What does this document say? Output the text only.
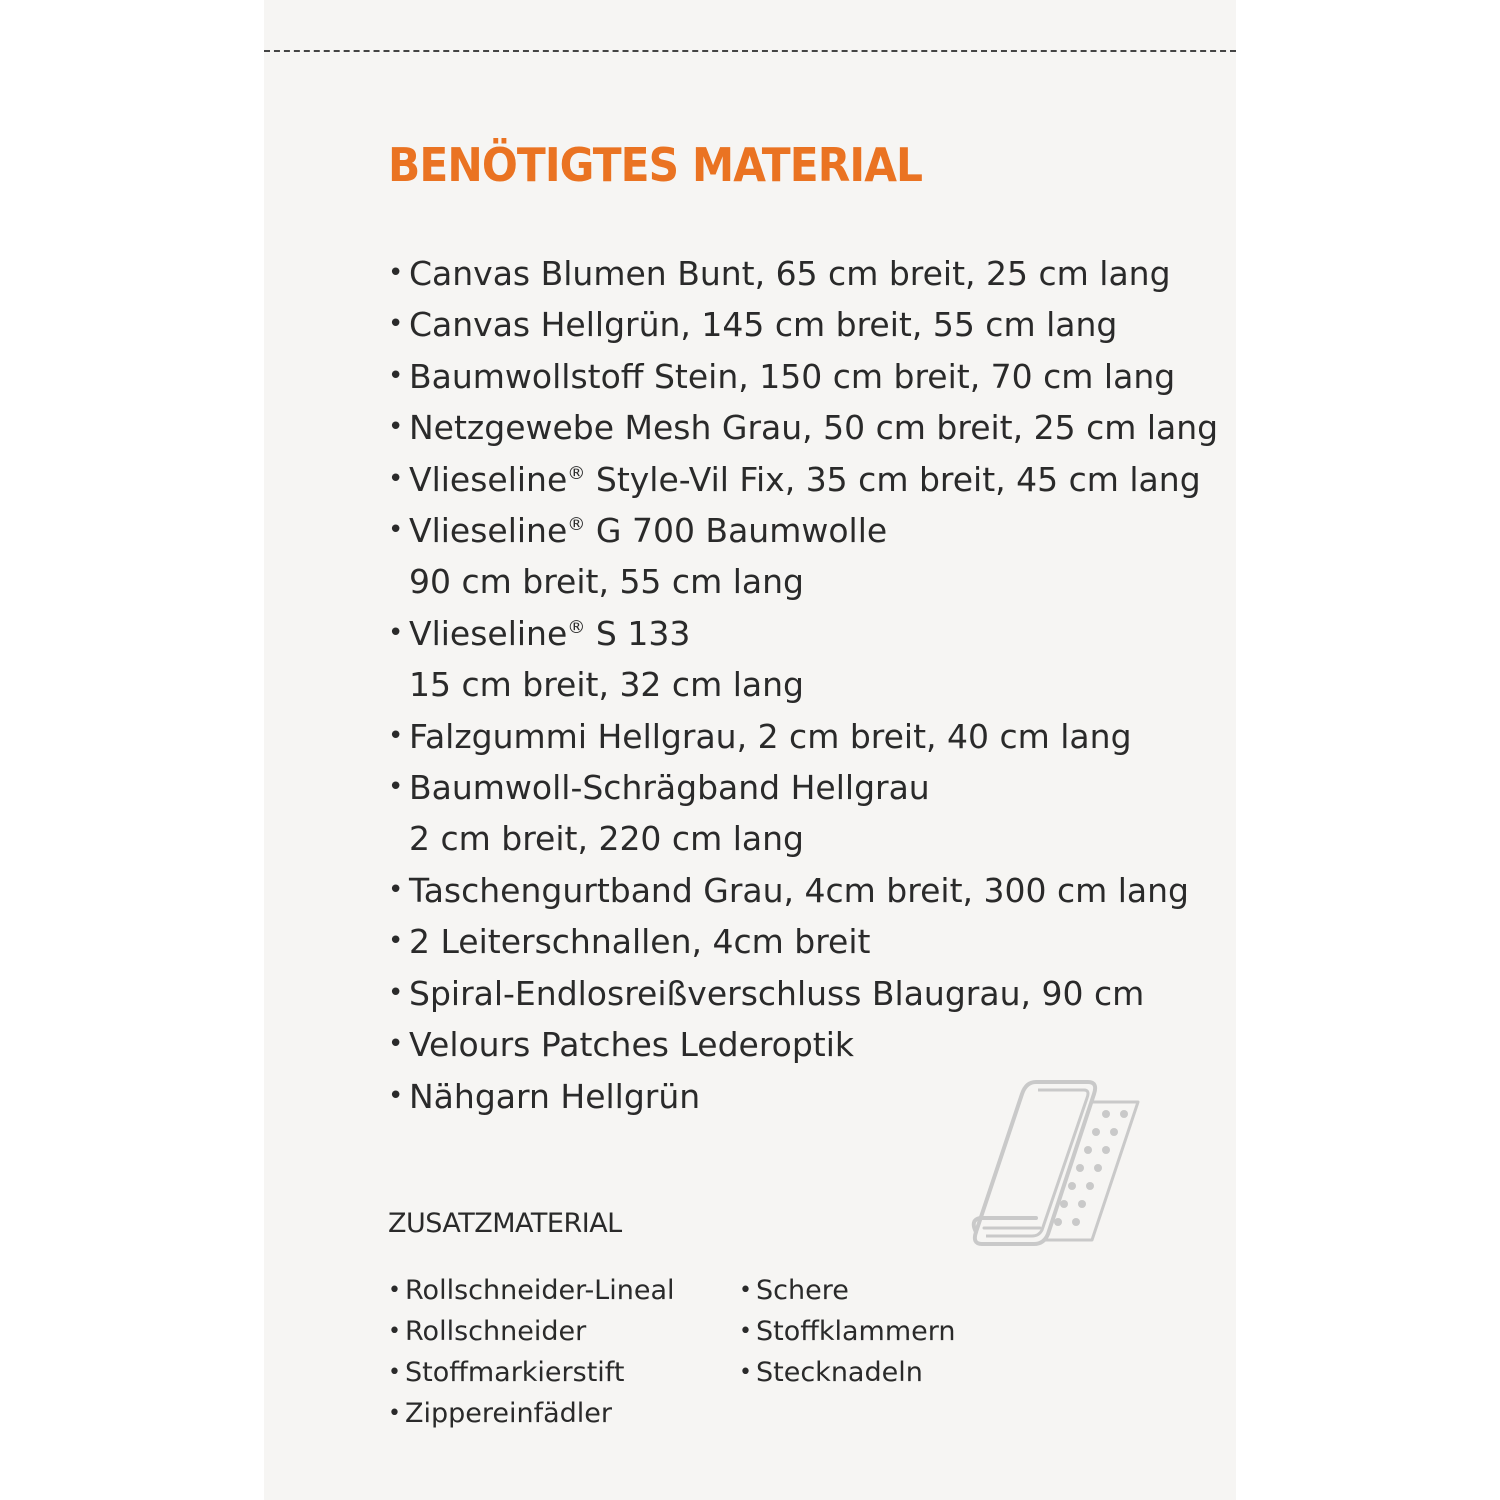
BENÖTIGTES MATERIAL
• Canvas Blumen Bunt, 65 cm breit, 25 cm lang
• Canvas Hellgrün, 145 cm breit, 55 cm lang
• Baumwollstoff Stein, 150 cm breit, 70 cm lang
• Netzgewebe Mesh Grau, 50 cm breit, 25 cm lang
• Vlieseline® Style-Vil Fix, 35 cm breit, 45 cm lang
• Vlieseline® G 700 Baumwolle
90 cm breit, 55 cm lang
• Vlieseline® S 133
15 cm breit, 32 cm lang
• Falzgummi Hellgrau, 2 cm breit, 40 cm lang
• Baumwoll-Schrägband Hellgrau
2 cm breit, 220 cm lang
• Taschengurtband Grau, 4cm breit, 300 cm lang
• 2 Leiterschnallen, 4cm breit
• Spiral-Endlosreißverschluss Blaugrau, 90 cm
• Velours Patches Lederoptik
• Nähgarn Hellgrün
ZUSATZMATERIAL
• Rollschneider-Lineal
• Rollschneider
• Stoffmarkierstift
• Zippereinfädler
• Schere
• Stoffklammern
• Stecknadeln
